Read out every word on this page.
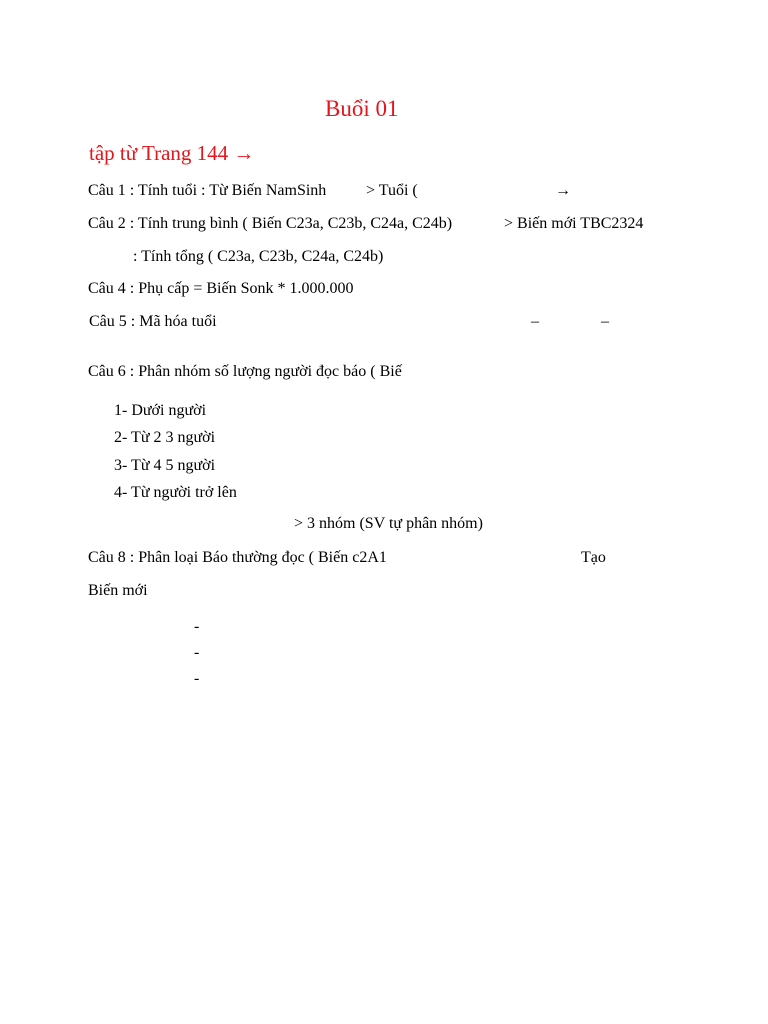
Buổi 01
tập từ Trang 144 →
Câu 1 : Tính tuổi : Từ Biến NamSinh > Tuổi (	→⃞
Câu 2 : Tính trung bình ( Biến C23a, C23b, C24a, C24b)	> Biến mới TBC2324
: Tính tổng ( C23a, C23b, C24a, C24b)
Câu 4 : Phụ cấp = Biến Sonk * 1.000.000
Câu 5 : Mã hóa tuổi	–	–
Câu 6 : Phân nhóm số lượng người đọc báo ( Biế
1- Dưới người
2- Từ 2 3 người
3- Từ 4 5 người
4- Từ người trở lên
> 3 nhóm (SV tự phân nhóm)
Câu 8 : Phân loại Báo thường đọc ( Biến c2A1	Tạo
Biến mới
-
-
-
